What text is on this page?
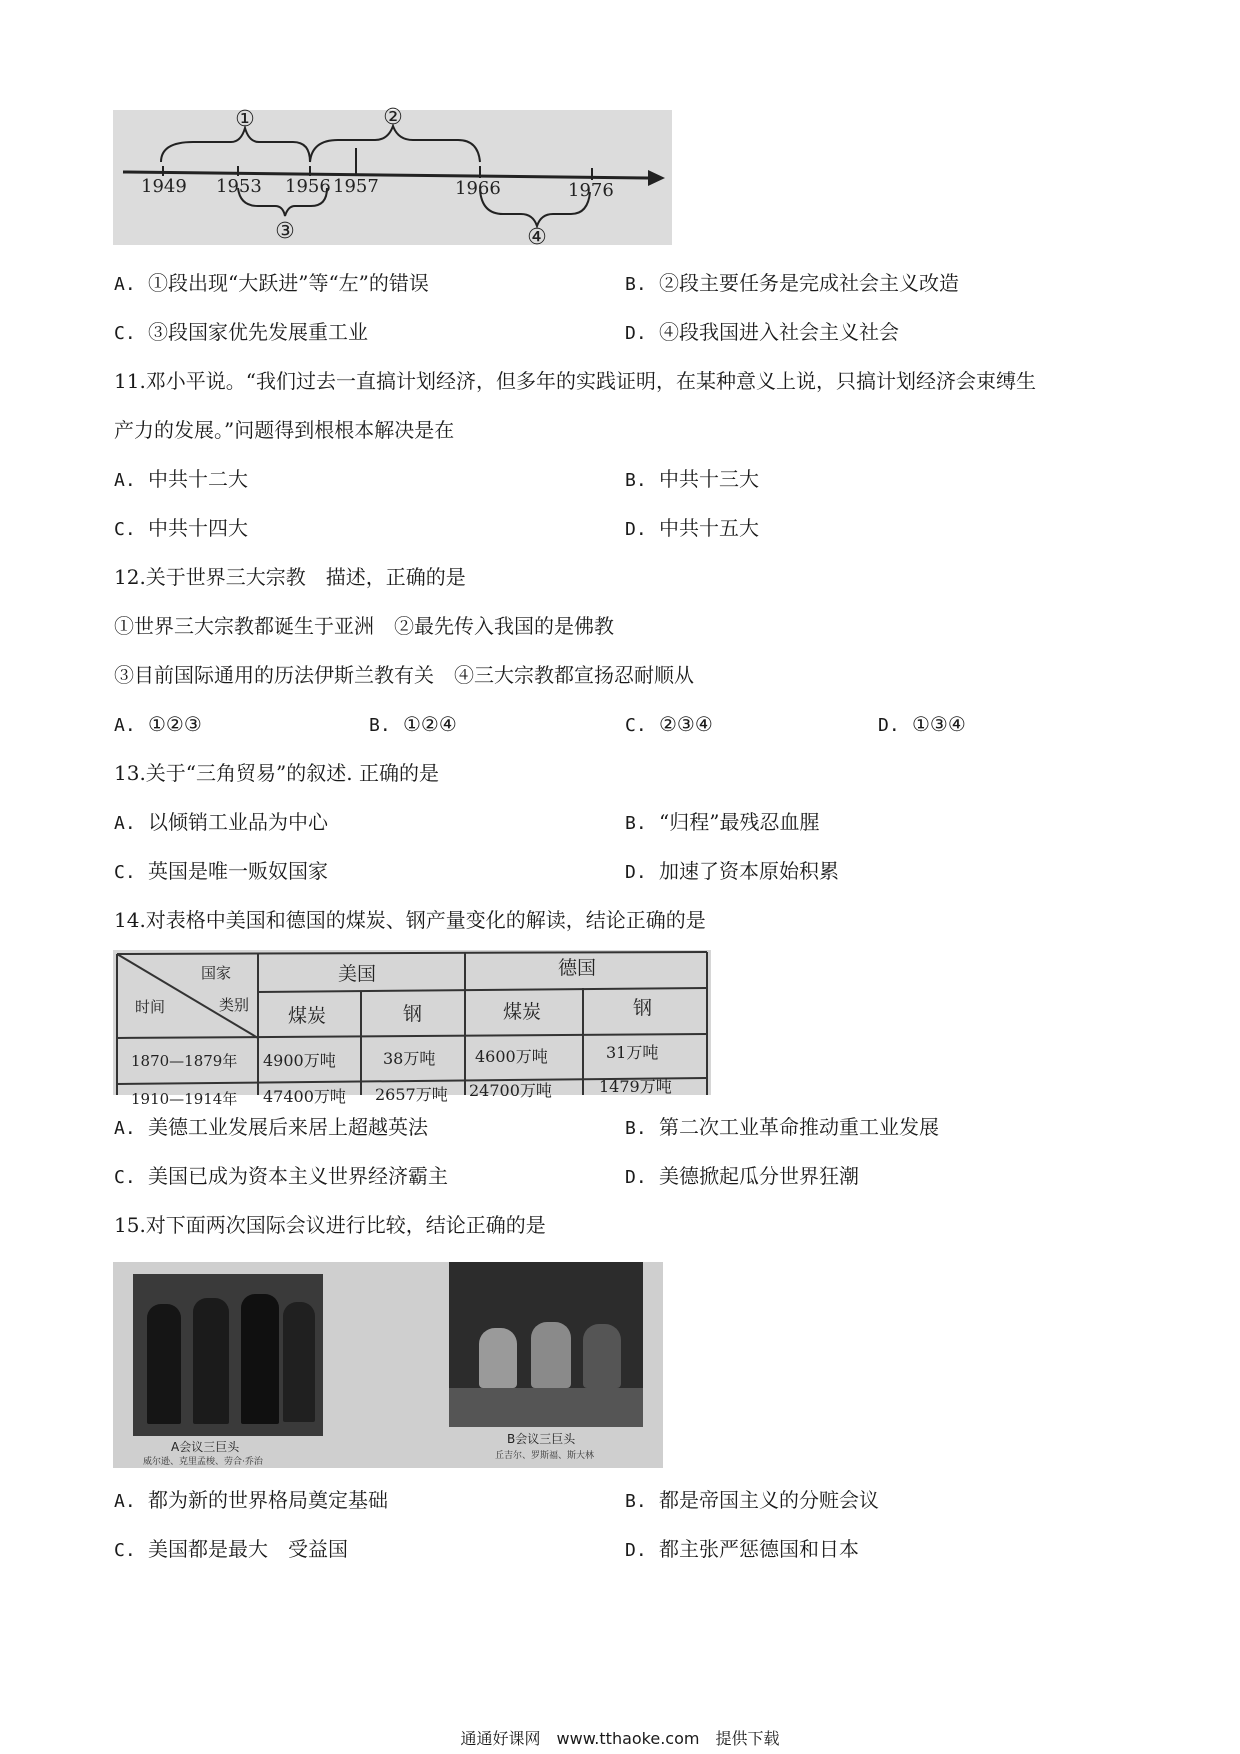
①	②
③	④
1949 1953 1956 1957	1966	1976
A. ①段出现“大跃进”等“左”的错误	B. ②段主要任务是完成社会主义改造
C. ③段国家优先发展重工业	D. ④段我国进入社会主义社会
11.邓小平说。“我们过去一直搞计划经济，但多年的实践证明，在某种意义上说，只搞计划经济会束缚生
产力的发展。”问题得到根根本解决是在
A. 中共十二大	B. 中共十三大
C. 中共十四大	D. 中共十五大
12.关于世界三大宗教　描述，正确的是
①世界三大宗教都诞生于亚洲　②最先传入我国的是佛教
③目前国际通用的历法伊斯兰教有关　④三大宗教都宣扬忍耐顺从
A. ①②③	B. ①②④	C. ②③④	D. ①③④
13.关于“三角贸易”的叙述. 正确的是
A. 以倾销工业品为中心	B. “归程”最残忍血腥
C. 英国是唯一贩奴国家	D. 加速了资本原始积累
14.对表格中美国和德国的煤炭、钢产量变化的解读，结论正确的是
国家
类别
时间
美国	德国
煤炭	钢	煤炭	钢
1870—1879年 4900万吨	38万吨 4600万吨	31万吨
1910—1914年 47400万吨 2657万吨 24700万吨	1479万吨
A. 美德工业发展后来居上超越英法	B. 第二次工业革命推动重工业发展
C. 美国已成为资本主义世界经济霸主	D. 美德掀起瓜分世界狂潮
15.对下面两次国际会议进行比较，结论正确的是
A会议三巨头
威尔逊、克里孟梭、劳合·乔治
B会议三巨头
丘吉尔、罗斯福、斯大林
A. 都为新的世界格局奠定基础	B. 都是帝国主义的分赃会议
C. 美国都是最大　受益国	D. 都主张严惩德国和日本
通通好课网　www.tthaoke.com　提供下载
